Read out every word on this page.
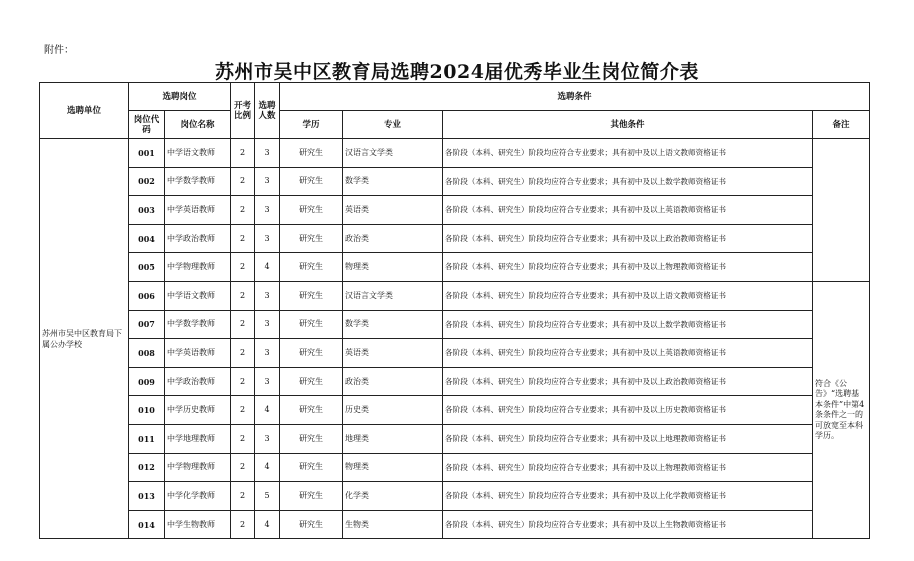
附件：
苏州市吴中区教育局选聘2024届优秀毕业生岗位简介表
选聘单位	选聘岗位		开考比例	选聘人数	选聘条件			
	岗位代码	岗位名称			学历	专业	其他条件	备注
苏州市吴中区教育局下属公办学校	001	中学语文教师	2	3	研究生	汉语言文学类	各阶段（本科、研究生）阶段均应符合专业要求；具有初中及以上语文教师资格证书	
	002	中学数学教师	2	3	研究生	数学类	各阶段（本科、研究生）阶段均应符合专业要求；具有初中及以上数学教师资格证书	
	003	中学英语教师	2	3	研究生	英语类	各阶段（本科、研究生）阶段均应符合专业要求；具有初中及以上英语教师资格证书	
	004	中学政治教师	2	3	研究生	政治类	各阶段（本科、研究生）阶段均应符合专业要求；具有初中及以上政治教师资格证书	
	005	中学物理教师	2	4	研究生	物理类	各阶段（本科、研究生）阶段均应符合专业要求；具有初中及以上物理教师资格证书	
	006	中学语文教师	2	3	研究生	汉语言文学类	各阶段（本科、研究生）阶段均应符合专业要求；具有初中及以上语文教师资格证书	符合《公告》“选聘基本条件”中第4条条件之一的可放宽至本科学历。
	007	中学数学教师	2	3	研究生	数学类	各阶段（本科、研究生）阶段均应符合专业要求；具有初中及以上数学教师资格证书	
	008	中学英语教师	2	3	研究生	英语类	各阶段（本科、研究生）阶段均应符合专业要求；具有初中及以上英语教师资格证书	
	009	中学政治教师	2	3	研究生	政治类	各阶段（本科、研究生）阶段均应符合专业要求；具有初中及以上政治教师资格证书	
	010	中学历史教师	2	4	研究生	历史类	各阶段（本科、研究生）阶段均应符合专业要求；具有初中及以上历史教师资格证书	
	011	中学地理教师	2	3	研究生	地理类	各阶段（本科、研究生）阶段均应符合专业要求；具有初中及以上地理教师资格证书	
	012	中学物理教师	2	4	研究生	物理类	各阶段（本科、研究生）阶段均应符合专业要求；具有初中及以上物理教师资格证书	
	013	中学化学教师	2	5	研究生	化学类	各阶段（本科、研究生）阶段均应符合专业要求；具有初中及以上化学教师资格证书	
	014	中学生物教师	2	4	研究生	生物类	各阶段（本科、研究生）阶段均应符合专业要求；具有初中及以上生物教师资格证书	
